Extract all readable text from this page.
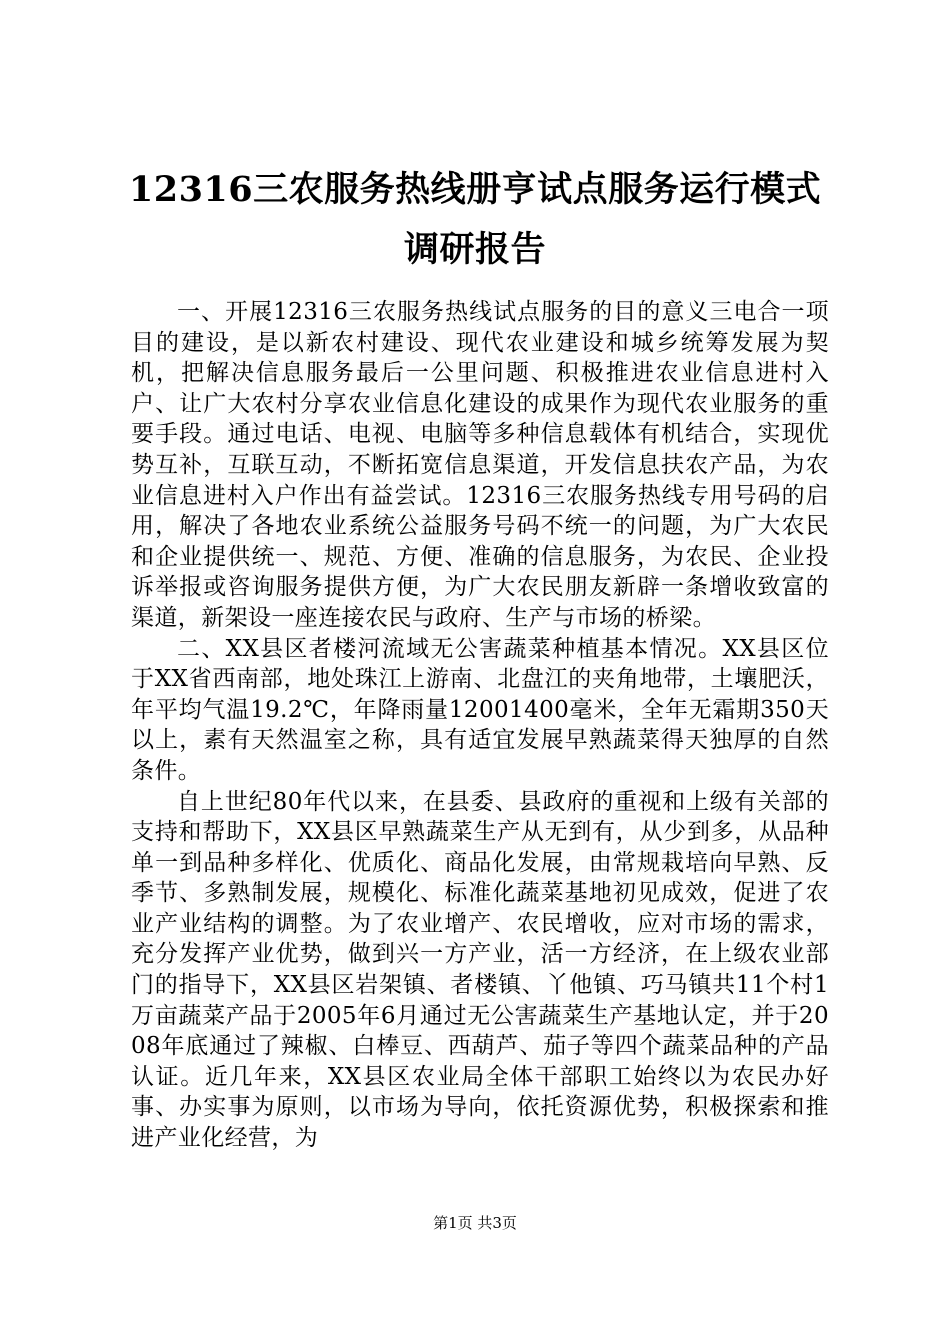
12316三农服务热线册亨试点服务运行模式调研报告

一、开展12316三农服务热线试点服务的目的意义三电合一项目的建设，是以新农村建设、现代农业建设和城乡统筹发展为契机，把解决信息服务最后一公里问题、积极推进农业信息进村入户、让广大农村分享农业信息化建设的成果作为现代农业服务的重要手段。通过电话、电视、电脑等多种信息载体有机结合，实现优势互补，互联互动，不断拓宽信息渠道，开发信息扶农产品，为农业信息进村入户作出有益尝试。12316三农服务热线专用号码的启用，解决了各地农业系统公益服务号码不统一的问题，为广大农民和企业提供统一、规范、方便、准确的信息服务，为农民、企业投诉举报或咨询服务提供方便，为广大农民朋友新辟一条增收致富的渠道，新架设一座连接农民与政府、生产与市场的桥梁。

二、XX县区者楼河流域无公害蔬菜种植基本情况。XX县区位于XX省西南部，地处珠江上游南、北盘江的夹角地带，土壤肥沃，年平均气温19.2℃，年降雨量12001400毫米，全年无霜期350天以上，素有天然温室之称，具有适宜发展早熟蔬菜得天独厚的自然条件。

自上世纪80年代以来，在县委、县政府的重视和上级有关部的支持和帮助下，XX县区早熟蔬菜生产从无到有，从少到多，从品种单一到品种多样化、优质化、商品化发展，由常规栽培向早熟、反季节、多熟制发展，规模化、标准化蔬菜基地初见成效，促进了农业产业结构的调整。为了农业增产、农民增收，应对市场的需求，充分发挥产业优势，做到兴一方产业，活一方经济，在上级农业部门的指导下，XX县区岩架镇、者楼镇、丫他镇、巧马镇共11个村1万亩蔬菜产品于2005年6月通过无公害蔬菜生产基地认定，并于2008年底通过了辣椒、白棒豆、西葫芦、茄子等四个蔬菜品种的产品认证。近几年来，XX县区农业局全体干部职工始终以为农民办好事、办实事为原则，以市场为导向，依托资源优势，积极探索和推进产业化经营，为

第1页 共3页
